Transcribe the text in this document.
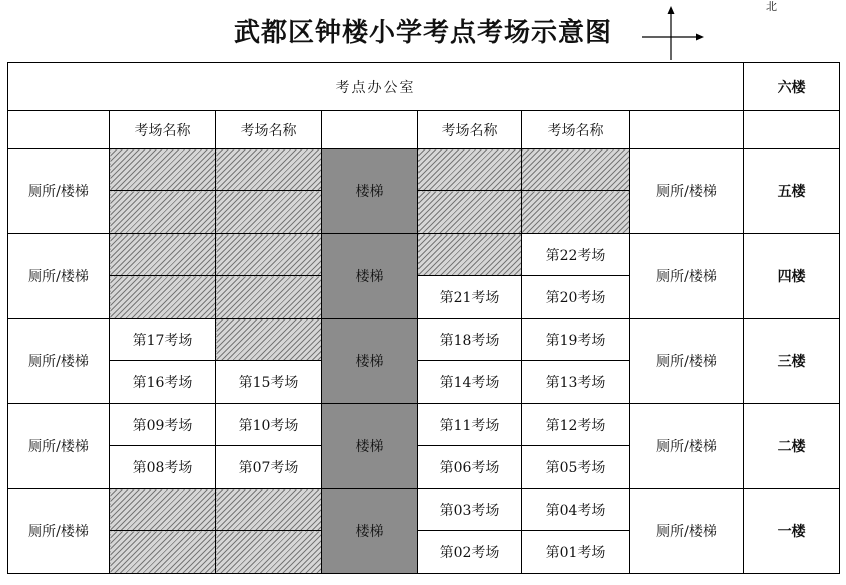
武都区钟楼小学考点考场示意图
北
考点办公室							六楼
	考场名称	考场名称		考场名称	考场名称		
厕所/楼梯			楼梯			厕所/楼梯	五楼

厕所/楼梯			楼梯		第22考场	厕所/楼梯	四楼
				第21考场	第20考场		
厕所/楼梯	第17考场		楼梯	第18考场	第19考场	厕所/楼梯	三楼
	第16考场	第15考场		第14考场	第13考场		
厕所/楼梯	第09考场	第10考场	楼梯	第11考场	第12考场	厕所/楼梯	二楼
	第08考场	第07考场		第06考场	第05考场		
厕所/楼梯			楼梯	第03考场	第04考场	厕所/楼梯	一楼
				第02考场	第01考场		
